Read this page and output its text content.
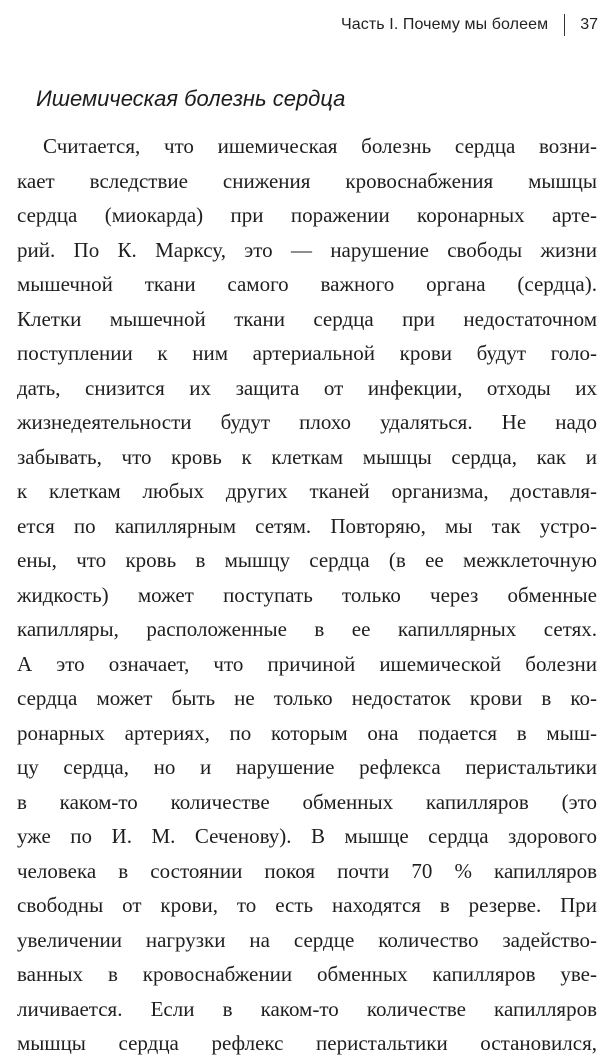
Часть I. Почему мы болеем 37
Ишемическая болезнь сердца
Считается, что ишемическая болезнь сердца возни-
кает вследствие снижения кровоснабжения мышцы
сердца (миокарда) при поражении коронарных арте-
рий. По К. Марксу, это — нарушение свободы жизни
мышечной ткани самого важного органа (сердца).
Клетки мышечной ткани сердца при недостаточном
поступлении к ним артериальной крови будут голо-
дать, снизится их защита от инфекции, отходы их
жизнедеятельности будут плохо удаляться. Не надо
забывать, что кровь к клеткам мышцы сердца, как и
к клеткам любых других тканей организма, доставля-
ется по капиллярным сетям. Повторяю, мы так устро-
ены, что кровь в мышцу сердца (в ее межклеточную
жидкость) может поступать только через обменные
капилляры, расположенные в ее капиллярных сетях.
А это означает, что причиной ишемической болезни
сердца может быть не только недостаток крови в ко-
ронарных артериях, по которым она подается в мыш-
цу сердца, но и нарушение рефлекса перистальтики
в каком-то количестве обменных капилляров (это
уже по И. М. Сеченову). В мышце сердца здорового
человека в состоянии покоя почти 70 % капилляров
свободны от крови, то есть находятся в резерве. При
увеличении нагрузки на сердце количество задейство-
ванных в кровоснабжении обменных капилляров уве-
личивается. Если в каком-то количестве капилляров
мышцы сердца рефлекс перистальтики остановился,
